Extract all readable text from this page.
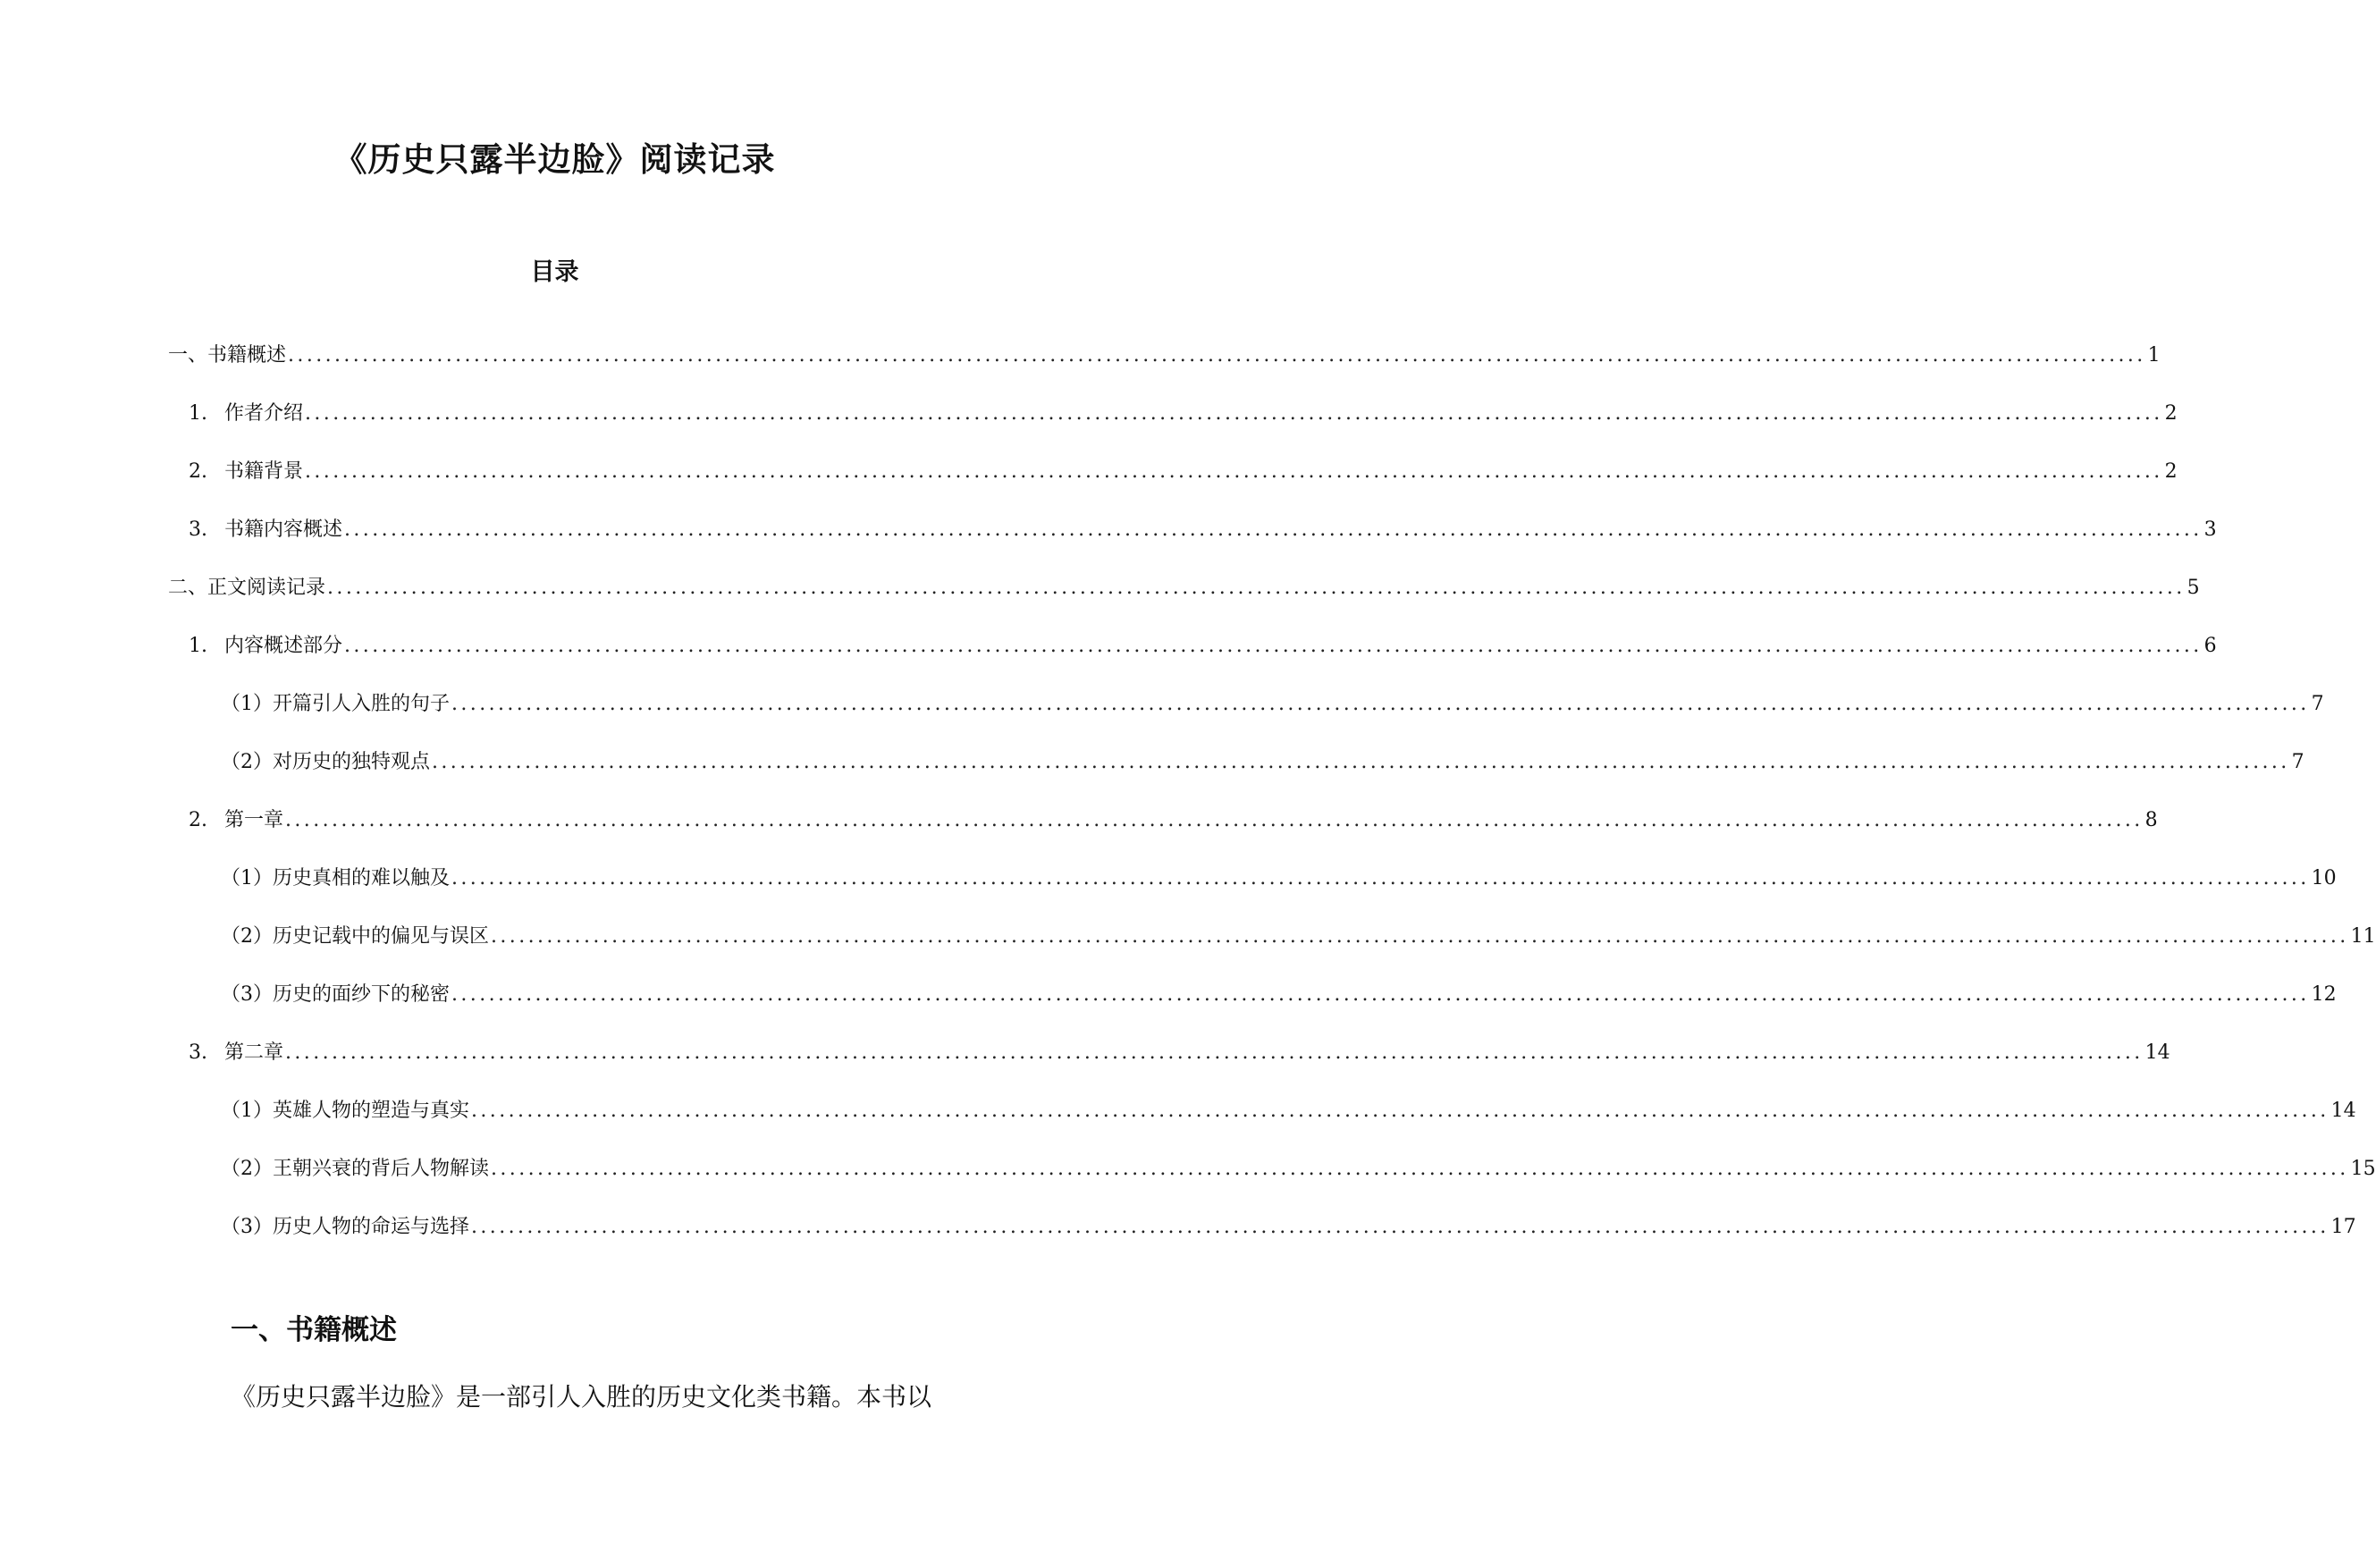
《历史只露半边脸》阅读记录
目录
一、 书籍概述 ........................................................................................................................................................................................................ 1
1. 作者介绍 ........................................................................................................................................................................................................ 2
2. 书籍背景 ........................................................................................................................................................................................................ 2
3. 书籍内容概述 ........................................................................................................................................................................................................ 3
二、 正文阅读记录 ........................................................................................................................................................................................................ 5
1. 内容概述部分 ........................................................................................................................................................................................................ 6
（1） 开篇引人入胜的句子 ........................................................................................................................................................................................................ 7
（2） 对历史的独特观点 ........................................................................................................................................................................................................ 7
2. 第一章 ........................................................................................................................................................................................................ 8
（1） 历史真相的难以触及 ........................................................................................................................................................................................................ 10
（2） 历史记载中的偏见与误区 ........................................................................................................................................................................................................ 11
（3） 历史的面纱下的秘密 ........................................................................................................................................................................................................ 12
3. 第二章 ........................................................................................................................................................................................................ 14
（1） 英雄人物的塑造与真实 ........................................................................................................................................................................................................ 14
（2） 王朝兴衰的背后人物解读 ........................................................................................................................................................................................................ 15
（3） 历史人物的命运与选择 ........................................................................................................................................................................................................ 17
一、书籍概述
《历史只露半边脸》是一部引人入胜的历史文化类书籍。本书以
